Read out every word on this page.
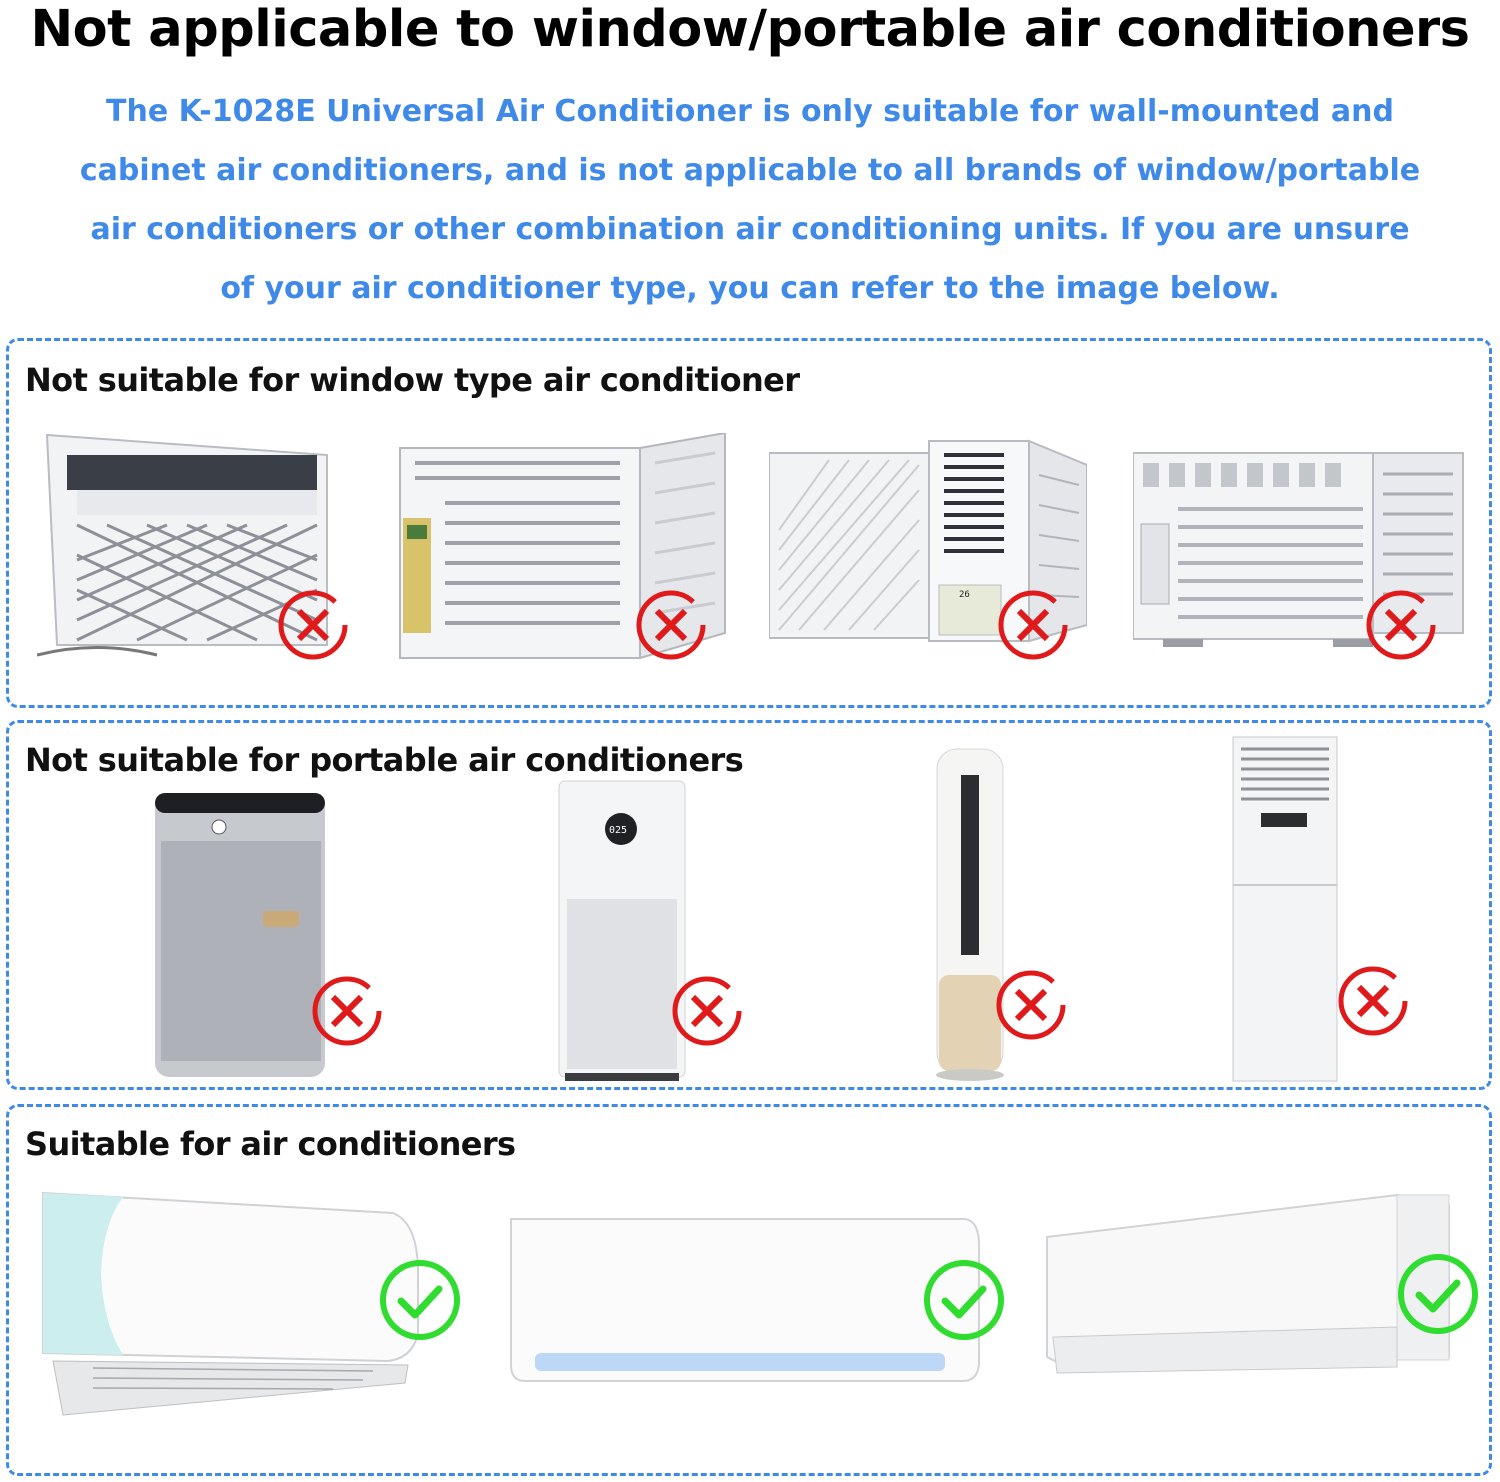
Not applicable to window/portable air conditioners
The K-1028E Universal Air Conditioner is only suitable for wall-mounted and
cabinet air conditioners, and is not applicable to all brands of window/portable
air conditioners or other combination air conditioning units. If you are unsure
of your air conditioner type, you can refer to the image below.
Not suitable for window type air conditioner
26
Not suitable for portable air conditioners
025
Suitable for air conditioners
